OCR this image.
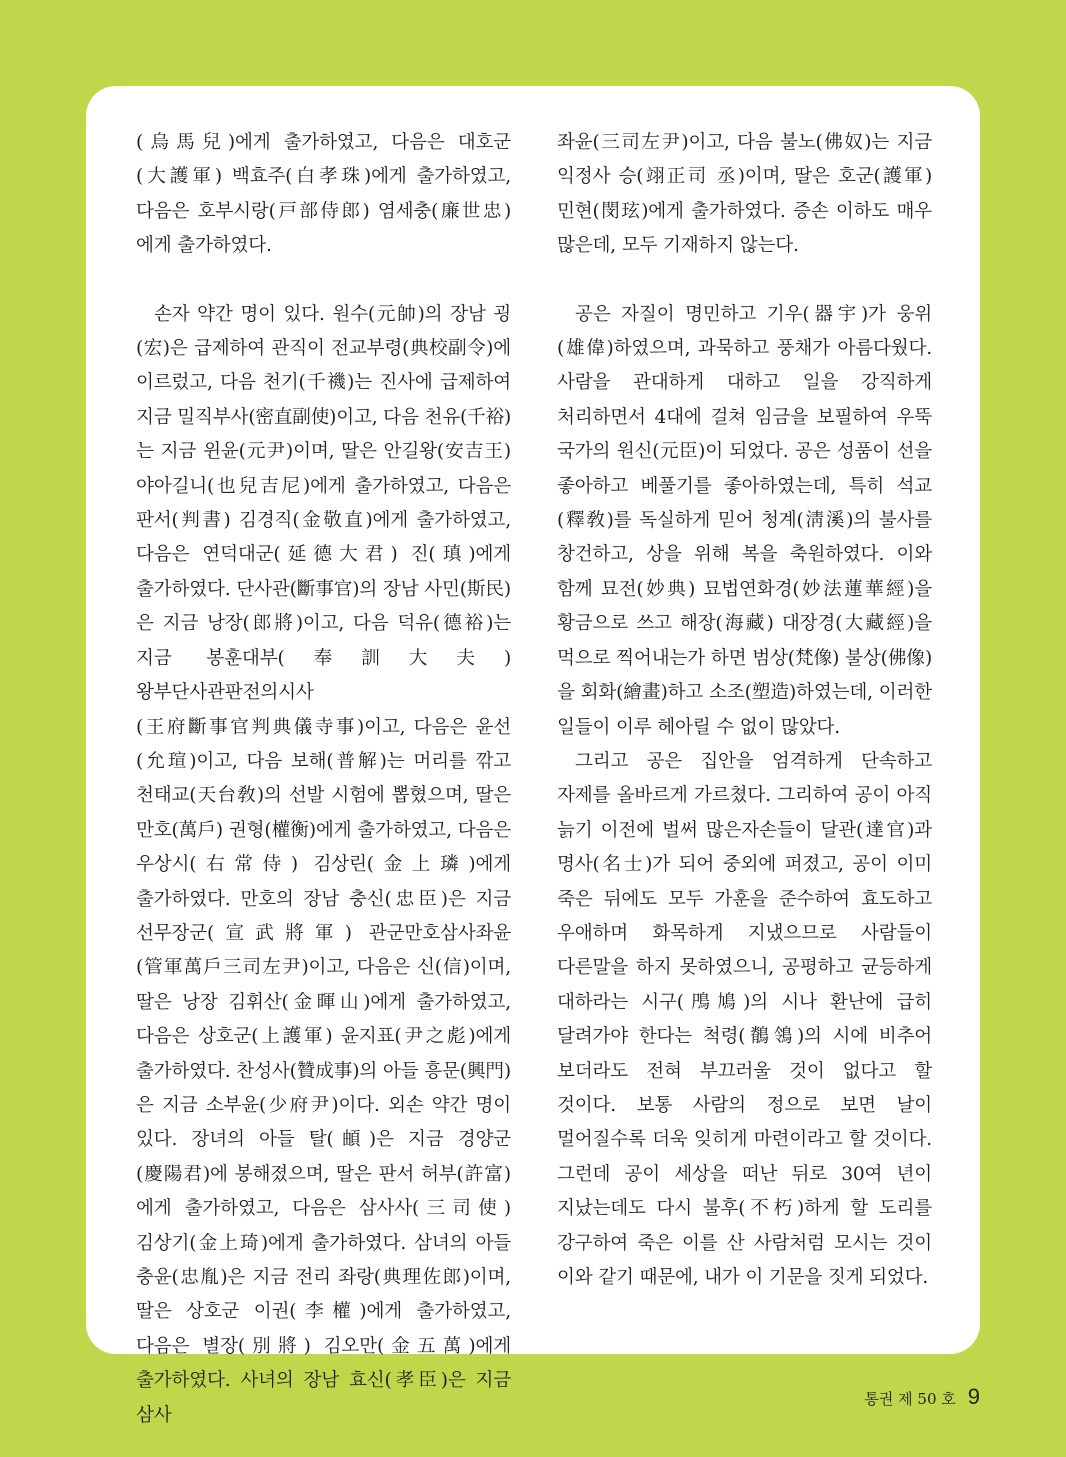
(烏馬兒)에게 출가하였고, 다음은 대호군(大護軍) 백효주(白孝珠)에게 출가하였고, 다음은 호부시랑(戸部侍郎) 염세충(廉世忠)에게 출가하였다.

손자 약간 명이 있다. 원수(元帥)의 장남 굉(宏)은 급제하여 관직이 전교부령(典校副令)에 이르렀고, 다음 천기(千禨)는 진사에 급제하여 지금 밀직부사(密直副使)이고, 다음 천유(千裕)는 지금 윈윤(元尹)이며, 딸은 안길왕(安吉王) 야아길니(也兒吉尼)에게 출가하였고, 다음은 판서(判書) 김경직(金敬直)에게 출가하였고, 다음은 연덕대군(延德大君) 진(瑱)에게 출가하였다. 단사관(斷事官)의 장남 사민(斯民)은 지금 낭장(郎將)이고, 다음 덕유(德裕)는 지금 봉훈대부(奉訓大夫) 왕부단사관판전의시사(王府斷事官判典儀寺事)이고, 다음은 윤선(允瑄)이고, 다음 보해(普解)는 머리를 깎고 천태교(天台敎)의 선발 시험에 뽑혔으며, 딸은 만호(萬戶) 권형(權衡)에게 출가하였고, 다음은 우상시(右常侍) 김상린(金上璘)에게 출가하였다. 만호의 장남 충신(忠臣)은 지금 선무장군(宣武將軍) 관군만호삼사좌윤(管軍萬戶三司左尹)이고, 다음은 신(信)이며, 딸은 낭장 김휘산(金暉山)에게 출가하였고, 다음은 상호군(上護軍) 윤지표(尹之彪)에게 출가하였다. 찬성사(贊成事)의 아들 흥문(興門)은 지금 소부윤(少府尹)이다. 외손 약간 명이 있다. 장녀의 아들 탈(頔)은 지금 경양군(慶陽君)에 봉해졌으며, 딸은 판서 허부(許富)에게 출가하였고, 다음은 삼사사(三司使) 김상기(金上琦)에게 출가하였다. 삼녀의 아들 충윤(忠胤)은 지금 전리 좌랑(典理佐郎)이며, 딸은 상호군 이권(李權)에게 출가하였고, 다음은 별장(別將) 김오만(金五萬)에게 출가하였다. 사녀의 장남 효신(孝臣)은 지금 삼사

좌윤(三司左尹)이고, 다음 불노(佛奴)는 지금 익정사 승(翊正司 丞)이며, 딸은 호군(護軍) 민현(閔玹)에게 출가하였다. 증손 이하도 매우 많은데, 모두 기재하지 않는다.

공은 자질이 명민하고 기우(器宇)가 웅위(雄偉)하였으며, 과묵하고 풍채가 아름다웠다. 사람을 관대하게 대하고 일을 강직하게 처리하면서 4대에 걸쳐 임금을 보필하여 우뚝 국가의 원신(元臣)이 되었다. 공은 성품이 선을 좋아하고 베풀기를 좋아하였는데, 특히 석교(釋敎)를 독실하게 믿어 청계(淸溪)의 불사를 창건하고, 상을 위해 복을 축원하였다. 이와 함께 묘전(妙典) 묘법연화경(妙法蓮華經)을 황금으로 쓰고 해장(海藏) 대장경(大藏經)을 먹으로 찍어내는가 하면 범상(梵像) 불상(佛像)을 회화(繪畫)하고 소조(塑造)하였는데, 이러한 일들이 이루 헤아릴 수 없이 많았다.

그리고 공은 집안을 엄격하게 단속하고 자제를 올바르게 가르쳤다. 그리하여 공이 아직 늙기 이전에 벌써 많은자손들이 달관(達官)과 명사(名士)가 되어 중외에 퍼졌고, 공이 이미 죽은 뒤에도 모두 가훈을 준수하여 효도하고 우애하며 화목하게 지냈으므로 사람들이 다른말을 하지 못하였으니, 공평하고 균등하게 대하라는 시구(鳲鳩)의 시나 환난에 급히 달려가야 한다는 척령(鶺鴒)의 시에 비추어 보더라도 전혀 부끄러울 것이 없다고 할 것이다. 보통 사람의 정으로 보면 날이 멀어질수록 더욱 잊히게 마련이라고 할 것이다. 그런데 공이 세상을 떠난 뒤로 30여 년이 지났는데도 다시 불후(不朽)하게 할 도리를 강구하여 죽은 이를 산 사람처럼 모시는 것이 이와 같기 때문에, 내가 이 기문을 짓게 되었다.

통권 제 50 호 9
